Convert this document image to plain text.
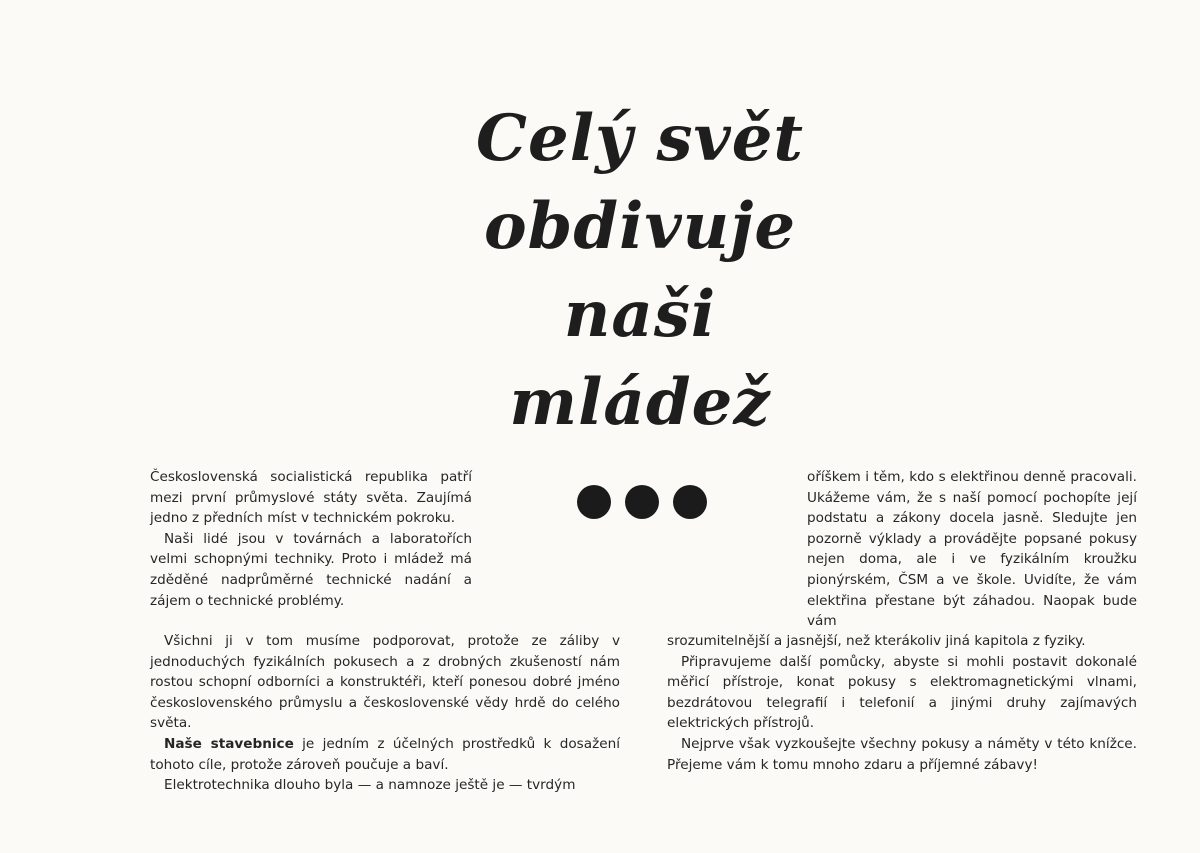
Celý svět
obdivuje
naši
mládež

Československá socialistická republika patří mezi první průmyslové státy světa. Zaujímá jedno z předních míst v technickém pokroku.

Naši lidé jsou v továrnách a laboratořích velmi schopnými techniky. Proto i mládež má zděděné nadprůměrné technické nadání a zájem o technické problémy.

Všichni ji v tom musíme podporovat, protože ze záliby v jednoduchých fyzikálních pokusech a z drobných zkušeností nám rostou schopní odborníci a konstruktéři, kteří ponesou dobré jméno československého průmyslu a československé vědy hrdě do celého světa.

Naše stavebnice je jedním z účelných prostředků k dosažení tohoto cíle, protože zároveň poučuje a baví.

Elektrotechnika dlouho byla — a namnoze ještě je — tvrdým

oříškem i těm, kdo s elektřinou denně pracovali. Ukážeme vám, že s naší pomocí pochopíte její podstatu a zákony docela jasně. Sledujte jen pozorně výklady a provádějte popsané pokusy nejen doma, ale i ve fyzikálním kroužku pionýrském, ČSM a ve škole. Uvidíte, že vám elektřina přestane být záhadou. Naopak bude vám

srozumitelnější a jasnější, než kterákoliv jiná kapitola z fyziky.

Připravujeme další pomůcky, abyste si mohli postavit dokonalé měřicí přístroje, konat pokusy s elektromagnetickými vlnami, bezdrátovou telegrafií i telefonií a jinými druhy zajímavých elektrických přístrojů.

Nejprve však vyzkoušejte všechny pokusy a náměty v této knížce. Přejeme vám k tomu mnoho zdaru a příjemné zábavy!
